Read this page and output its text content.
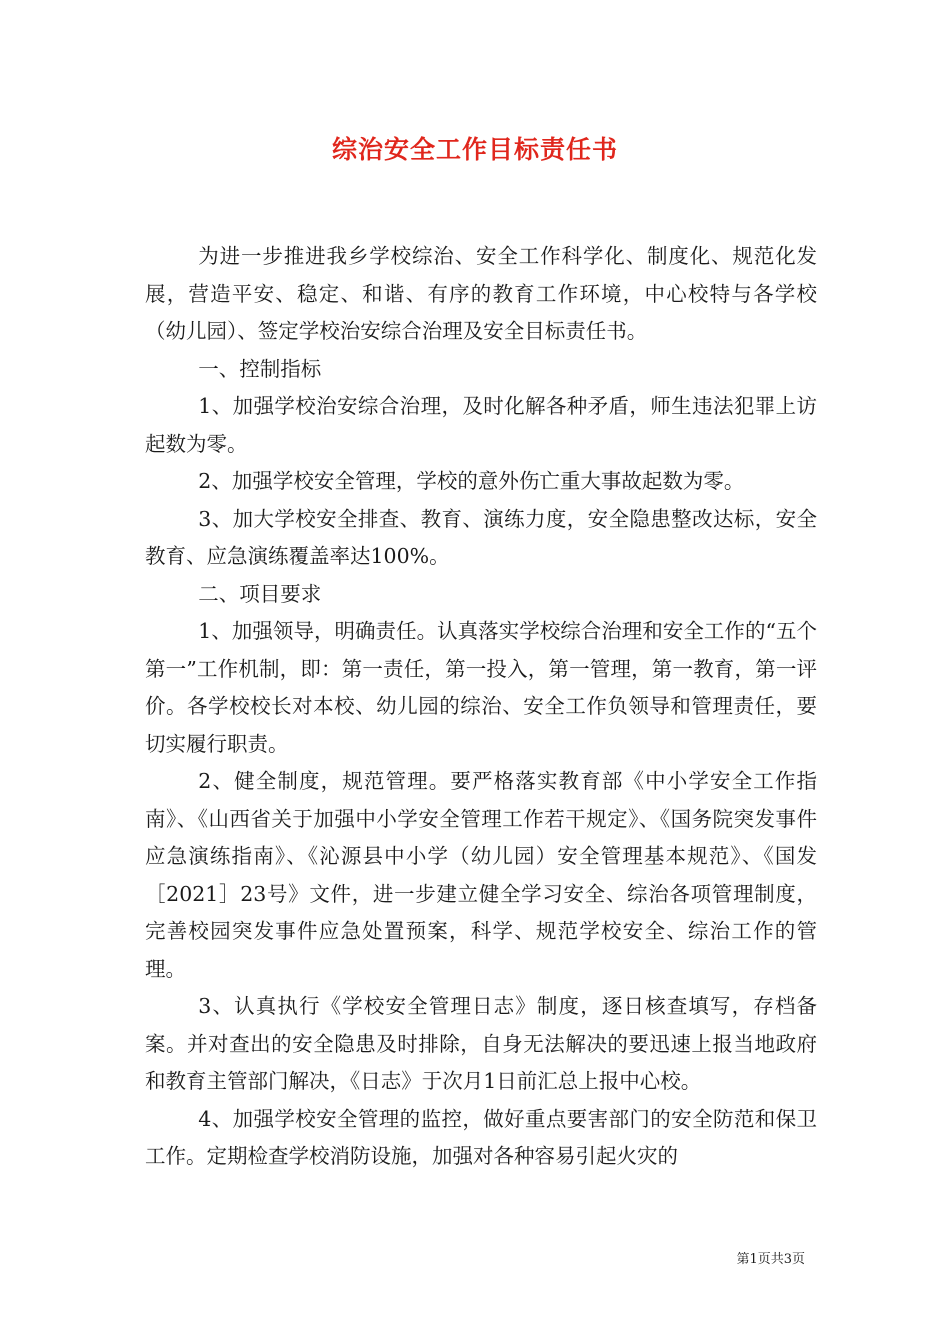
综治安全工作目标责任书

为进一步推进我乡学校综治、安全工作科学化、制度化、规范化发展，营造平安、稳定、和谐、有序的教育工作环境，中心校特与各学校（幼儿园）、签定学校治安综合治理及安全目标责任书。

一、控制指标

1、加强学校治安综合治理，及时化解各种矛盾，师生违法犯罪上访起数为零。

2、加强学校安全管理，学校的意外伤亡重大事故起数为零。

3、加大学校安全排查、教育、演练力度，安全隐患整改达标，安全教育、应急演练覆盖率达100%。

二、项目要求

1、加强领导，明确责任。认真落实学校综合治理和安全工作的“五个第一”工作机制，即：第一责任，第一投入，第一管理，第一教育，第一评价。各学校校长对本校、幼儿园的综治、安全工作负领导和管理责任，要切实履行职责。

2、健全制度，规范管理。要严格落实教育部《中小学安全工作指南》、《山西省关于加强中小学安全管理工作若干规定》、《国务院突发事件应急演练指南》、《沁源县中小学（幼儿园）安全管理基本规范》、《国发［2021］23号》文件，进一步建立健全学习安全、综治各项管理制度，完善校园突发事件应急处置预案，科学、规范学校安全、综治工作的管理。

3、认真执行《学校安全管理日志》制度，逐日核查填写，存档备案。并对查出的安全隐患及时排除，自身无法解决的要迅速上报当地政府和教育主管部门解决，《日志》于次月1日前汇总上报中心校。

4、加强学校安全管理的监控，做好重点要害部门的安全防范和保卫工作。定期检查学校消防设施，加强对各种容易引起火灾的

第1页共3页
